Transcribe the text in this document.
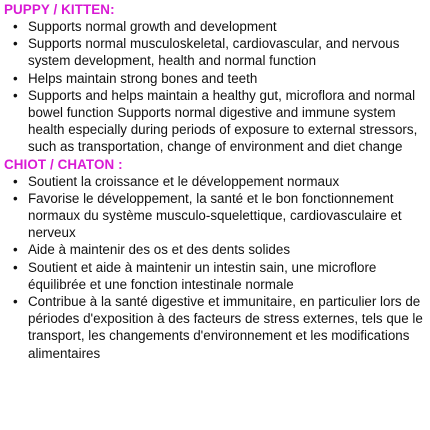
PUPPY / KITTEN:
• Supports normal growth and development
• Supports normal musculoskeletal, cardiovascular, and nervous system development, health and normal function
• Helps maintain strong bones and teeth
• Supports and helps maintain a healthy gut, microflora and normal bowel function Supports normal digestive and immune system health especially during periods of exposure to external stressors, such as transportation, change of environment and diet change
CHIOT / CHATON :
• Soutient la croissance et le développement normaux
• Favorise le développement, la santé et le bon fonctionnement normaux du système musculo-squelettique, cardiovasculaire et nerveux
• Aide à maintenir des os et des dents solides
• Soutient et aide à maintenir un intestin sain, une microflore équilibrée et une fonction intestinale normale
• Contribue à la santé digestive et immunitaire, en particulier lors de périodes d'exposition à des facteurs de stress externes, tels que le transport, les changements d'environnement et les modifications alimentaires
